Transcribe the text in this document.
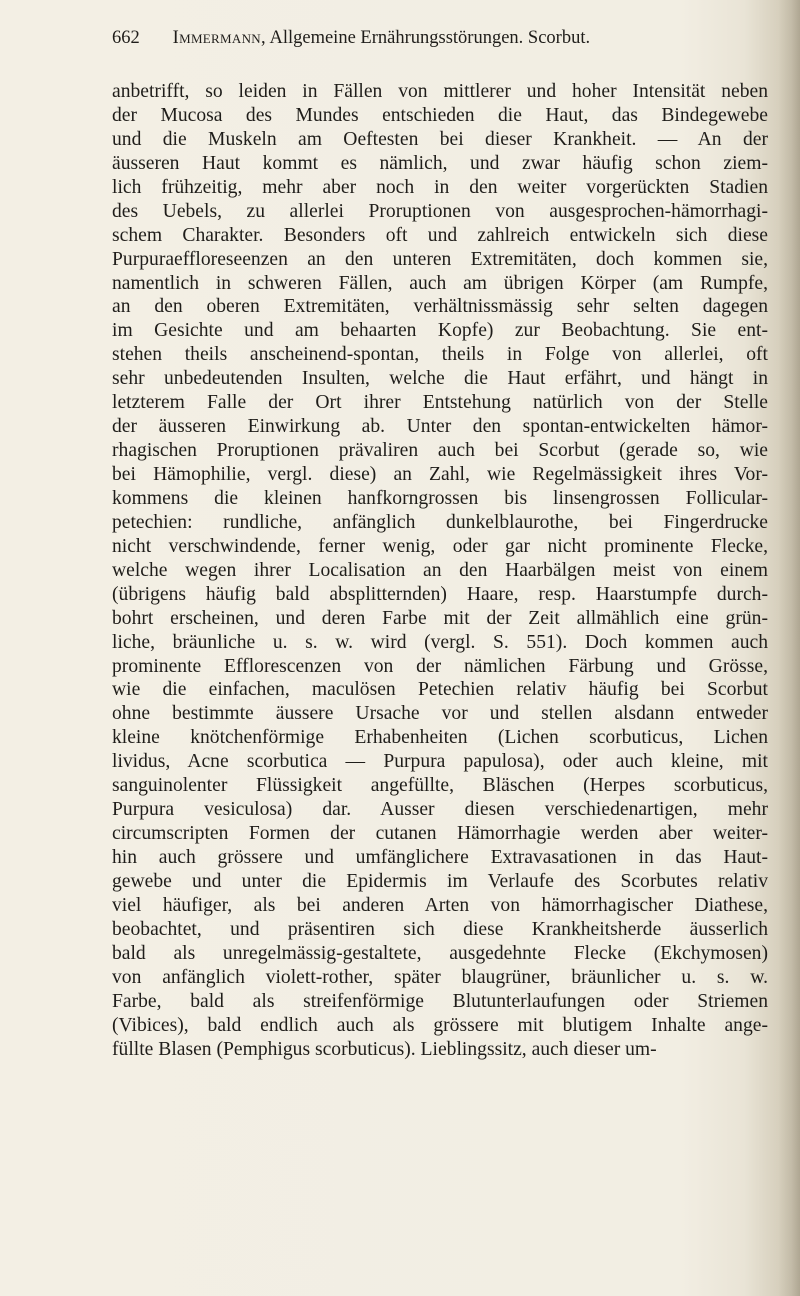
662 Immermann, Allgemeine Ernährungsstörungen. Scorbut.
anbetrifft, so leiden in Fällen von mittlerer und hoher Intensität neben
der Mucosa des Mundes entschieden die Haut, das Bindegewebe
und die Muskeln am Oeftesten bei dieser Krankheit. — An der
äusseren Haut kommt es nämlich, und zwar häufig schon ziem-
lich frühzeitig, mehr aber noch in den weiter vorgerückten Stadien
des Uebels, zu allerlei Proruptionen von ausgesprochen-hämorrhagi-
schem Charakter. Besonders oft und zahlreich entwickeln sich diese
Purpuraeffloreseenzen an den unteren Extremitäten, doch kommen sie,
namentlich in schweren Fällen, auch am übrigen Körper (am Rumpfe,
an den oberen Extremitäten, verhältnissmässig sehr selten dagegen
im Gesichte und am behaarten Kopfe) zur Beobachtung. Sie ent-
stehen theils anscheinend-spontan, theils in Folge von allerlei, oft
sehr unbedeutenden Insulten, welche die Haut erfährt, und hängt in
letzterem Falle der Ort ihrer Entstehung natürlich von der Stelle
der äusseren Einwirkung ab. Unter den spontan-entwickelten hämor-
rhagischen Proruptionen prävaliren auch bei Scorbut (gerade so, wie
bei Hämophilie, vergl. diese) an Zahl, wie Regelmässigkeit ihres Vor-
kommens die kleinen hanfkorngrossen bis linsengrossen Follicular-
petechien: rundliche, anfänglich dunkelblaurothe, bei Fingerdrucke
nicht verschwindende, ferner wenig, oder gar nicht prominente Flecke,
welche wegen ihrer Localisation an den Haarbälgen meist von einem
(übrigens häufig bald absplitternden) Haare, resp. Haarstumpfe durch-
bohrt erscheinen, und deren Farbe mit der Zeit allmählich eine grün-
liche, bräunliche u. s. w. wird (vergl. S. 551). Doch kommen auch
prominente Efflorescenzen von der nämlichen Färbung und Grösse,
wie die einfachen, maculösen Petechien relativ häufig bei Scorbut
ohne bestimmte äussere Ursache vor und stellen alsdann entweder
kleine knötchenförmige Erhabenheiten (Lichen scorbuticus, Lichen
lividus, Acne scorbutica — Purpura papulosa), oder auch kleine, mit
sanguinolenter Flüssigkeit angefüllte, Bläschen (Herpes scorbuticus,
Purpura vesiculosa) dar. Ausser diesen verschiedenartigen, mehr
circumscripten Formen der cutanen Hämorrhagie werden aber weiter-
hin auch grössere und umfänglichere Extravasationen in das Haut-
gewebe und unter die Epidermis im Verlaufe des Scorbutes relativ
viel häufiger, als bei anderen Arten von hämorrhagischer Diathese,
beobachtet, und präsentiren sich diese Krankheitsherde äusserlich
bald als unregelmässig-gestaltete, ausgedehnte Flecke (Ekchymosen)
von anfänglich violett-rother, später blaugrüner, bräunlicher u. s. w.
Farbe, bald als streifenförmige Blutunterlaufungen oder Striemen
(Vibices), bald endlich auch als grössere mit blutigem Inhalte ange-
füllte Blasen (Pemphigus scorbuticus). Lieblingssitz, auch dieser um-
